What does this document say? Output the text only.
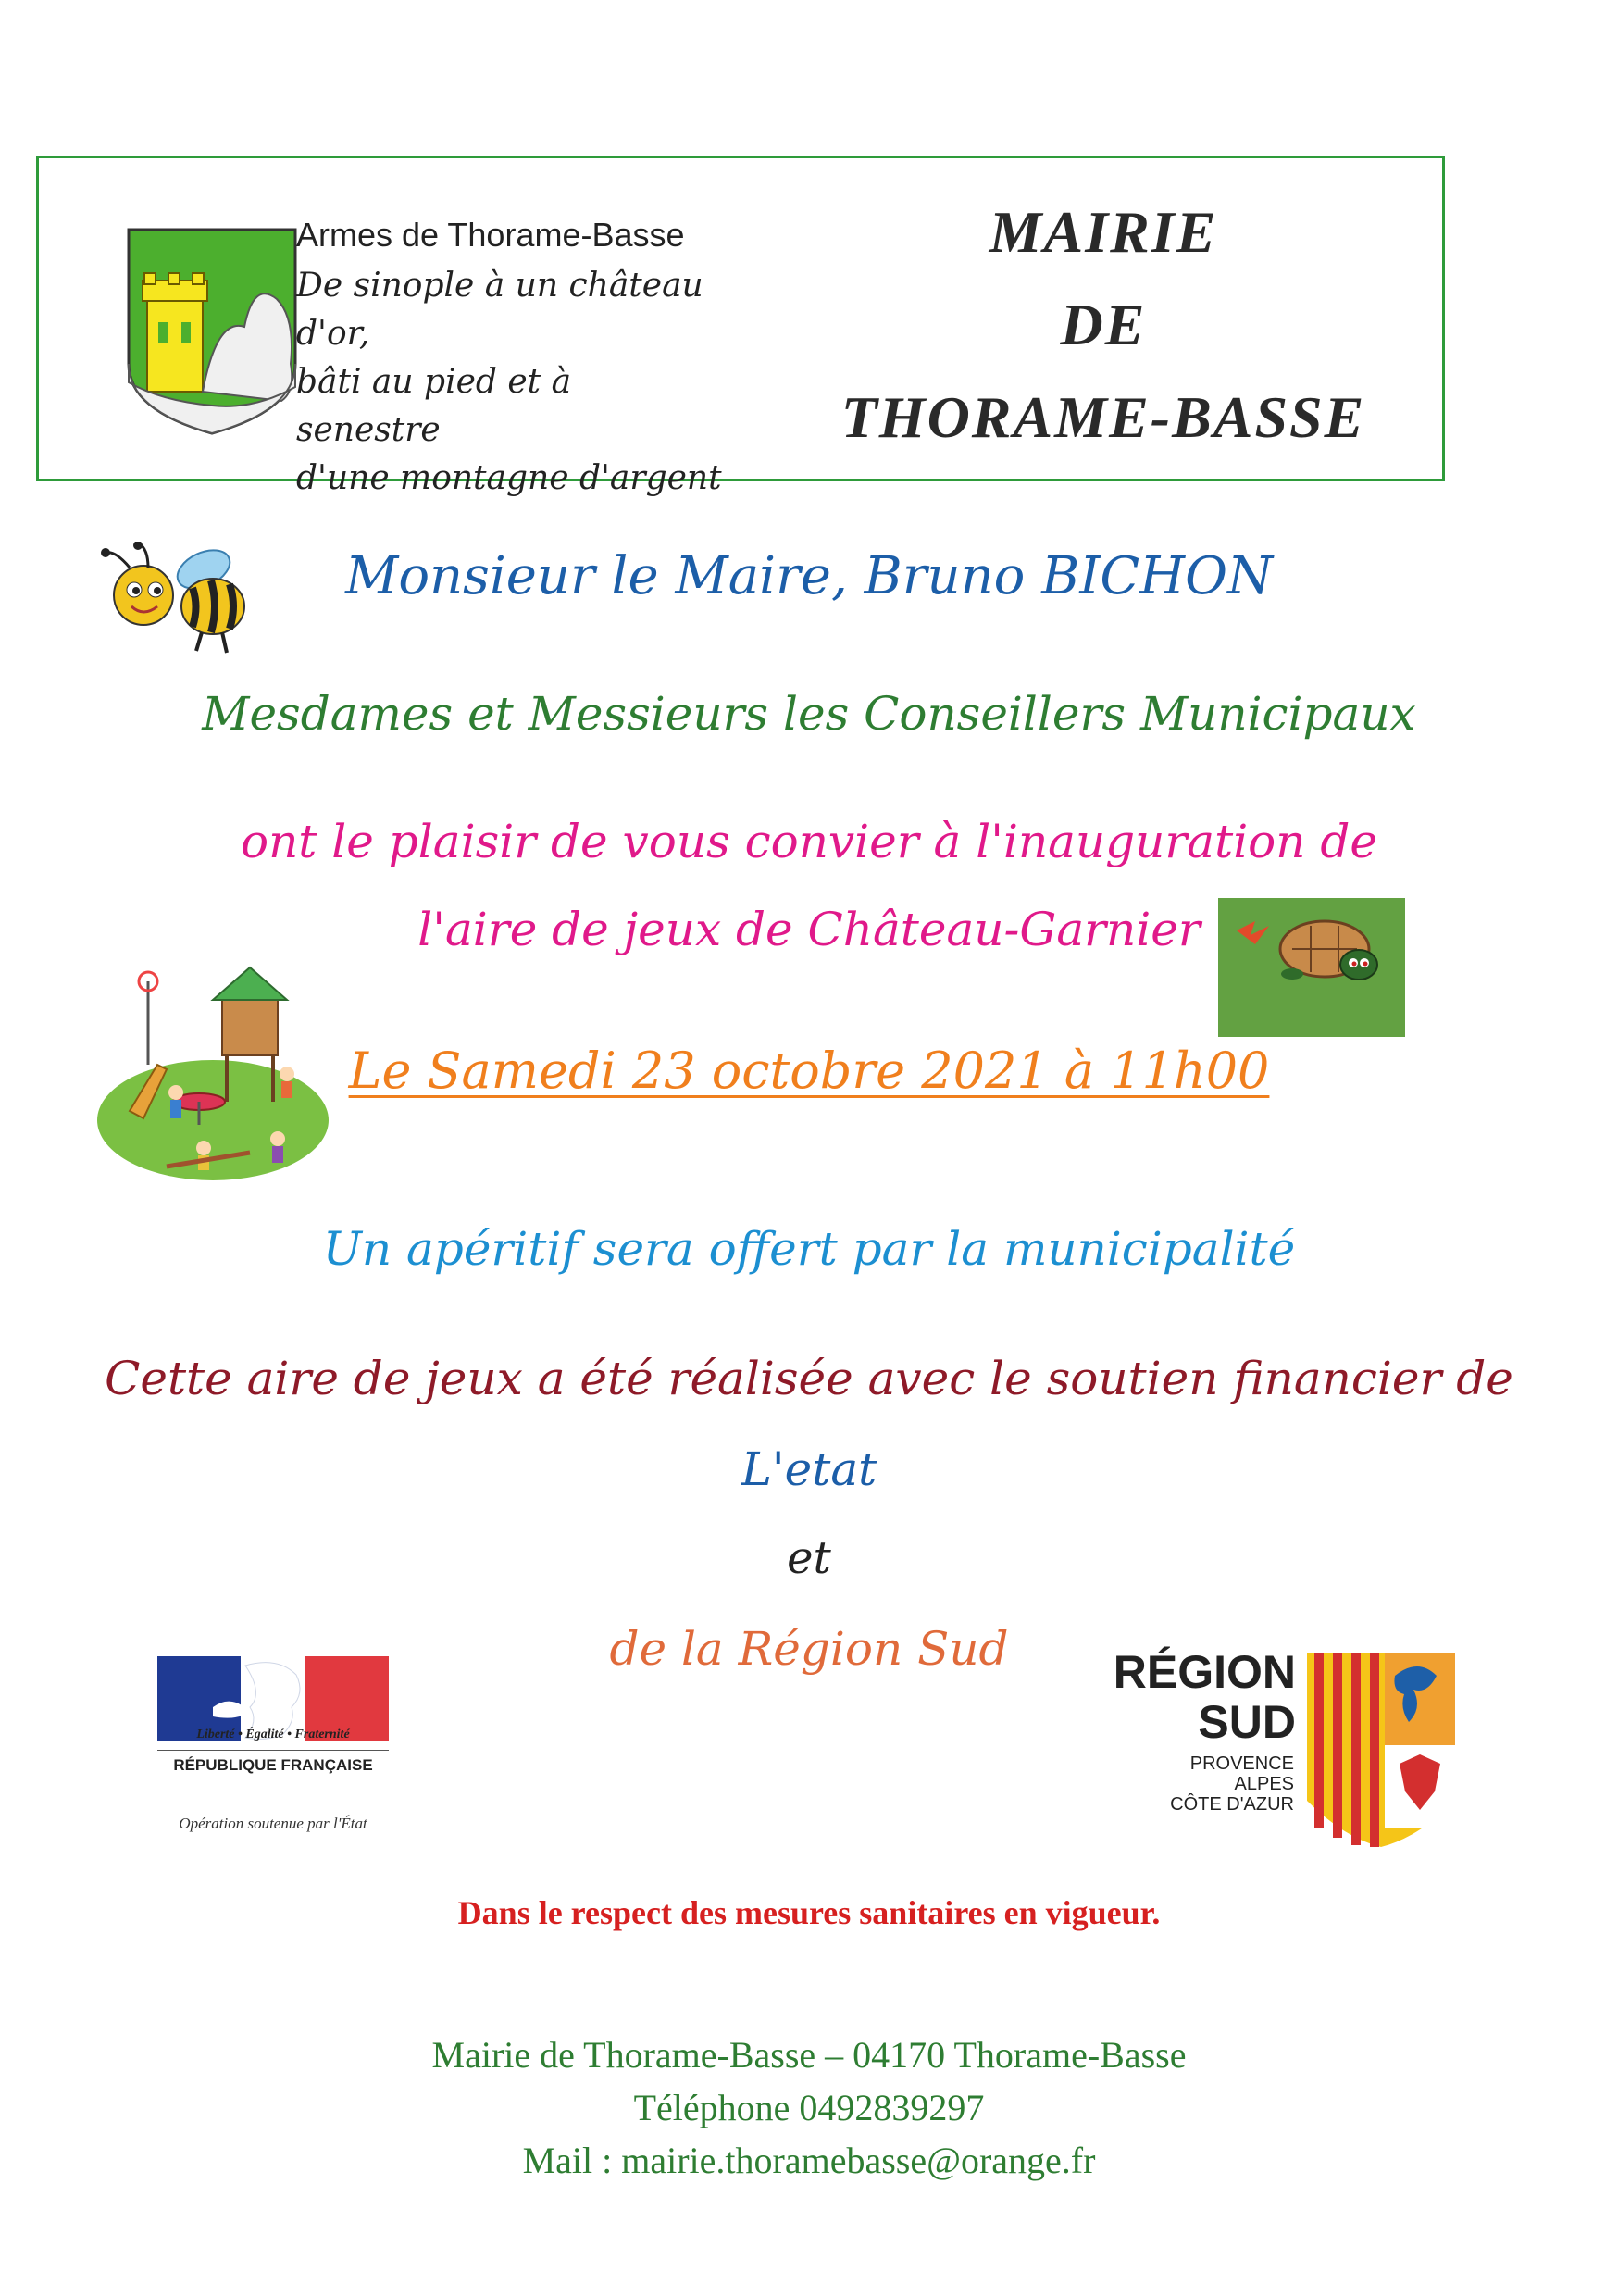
Armes de Thorame-Basse
De sinople à un château d'or,
bâti au pied et à senestre
d'une montagne d'argent
MAIRIE
DE
THORAME-BASSE
Monsieur le Maire, Bruno BICHON
Mesdames et Messieurs les Conseillers Municipaux
ont le plaisir de vous convier à l'inauguration de
l'aire de jeux de Château-Garnier
Le Samedi 23 octobre 2021 à 11h00
Un apéritif sera offert par la municipalité
Cette aire de jeux a été réalisée avec le soutien financier de
L'etat
et
de la Région Sud
Liberté • Égalité • Fraternité
RÉPUBLIQUE FRANÇAISE
Opération soutenue par l'État
RÉGION
SUD
PROVENCE
ALPES
CÔTE D'AZUR
Dans le respect des mesures sanitaires en vigueur.
Mairie de Thorame-Basse – 04170 Thorame-Basse
Téléphone 0492839297
Mail : mairie.thoramebasse@orange.fr
